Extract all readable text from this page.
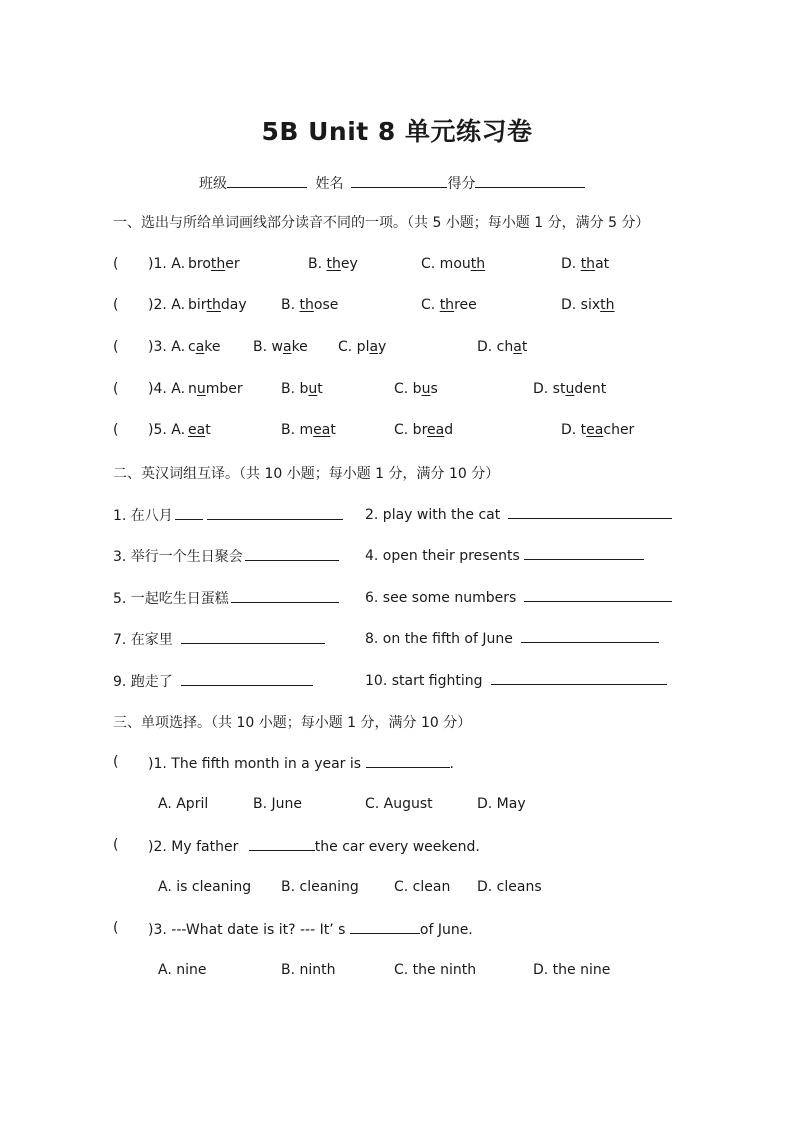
5B Unit 8 单元练习卷
班级	姓名	得分
一、选出与所给单词画线部分读音不同的一项。（共 5 小题；每小题 1 分，满分 5 分）
( )1. A. brother	B. they	C. mouth	D. that
( )2. A. birthday B. those	C. three	D. sixth
( )3. A. cake B. wake C. play	D. chat
( )4. A. number	B. but	C. bus	D. student
( )5. A. eat	B. meat	C. bread	D. teacher
二、英汉词组互译。（共 10 小题；每小题 1 分，满分 10 分）
1. 在八月	2. play with the cat
3. 举行一个生日聚会	4. open their presents
5. 一起吃生日蛋糕	6. see some numbers
7. 在家里	8. on the fifth of June
9. 跑走了	10. start fighting
三、单项选择。（共 10 小题；每小题 1 分，满分 10 分）
( )1. The fifth month in a year is	.
A. April	B. June	C. August	D. May
( )2. My father	the car every weekend.
A. is cleaning B. cleaning	C. clean D. cleans
( )3. ---What date is it? --- It’ s	of June.
A. nine	B. ninth	C. the ninth	D. the nine
